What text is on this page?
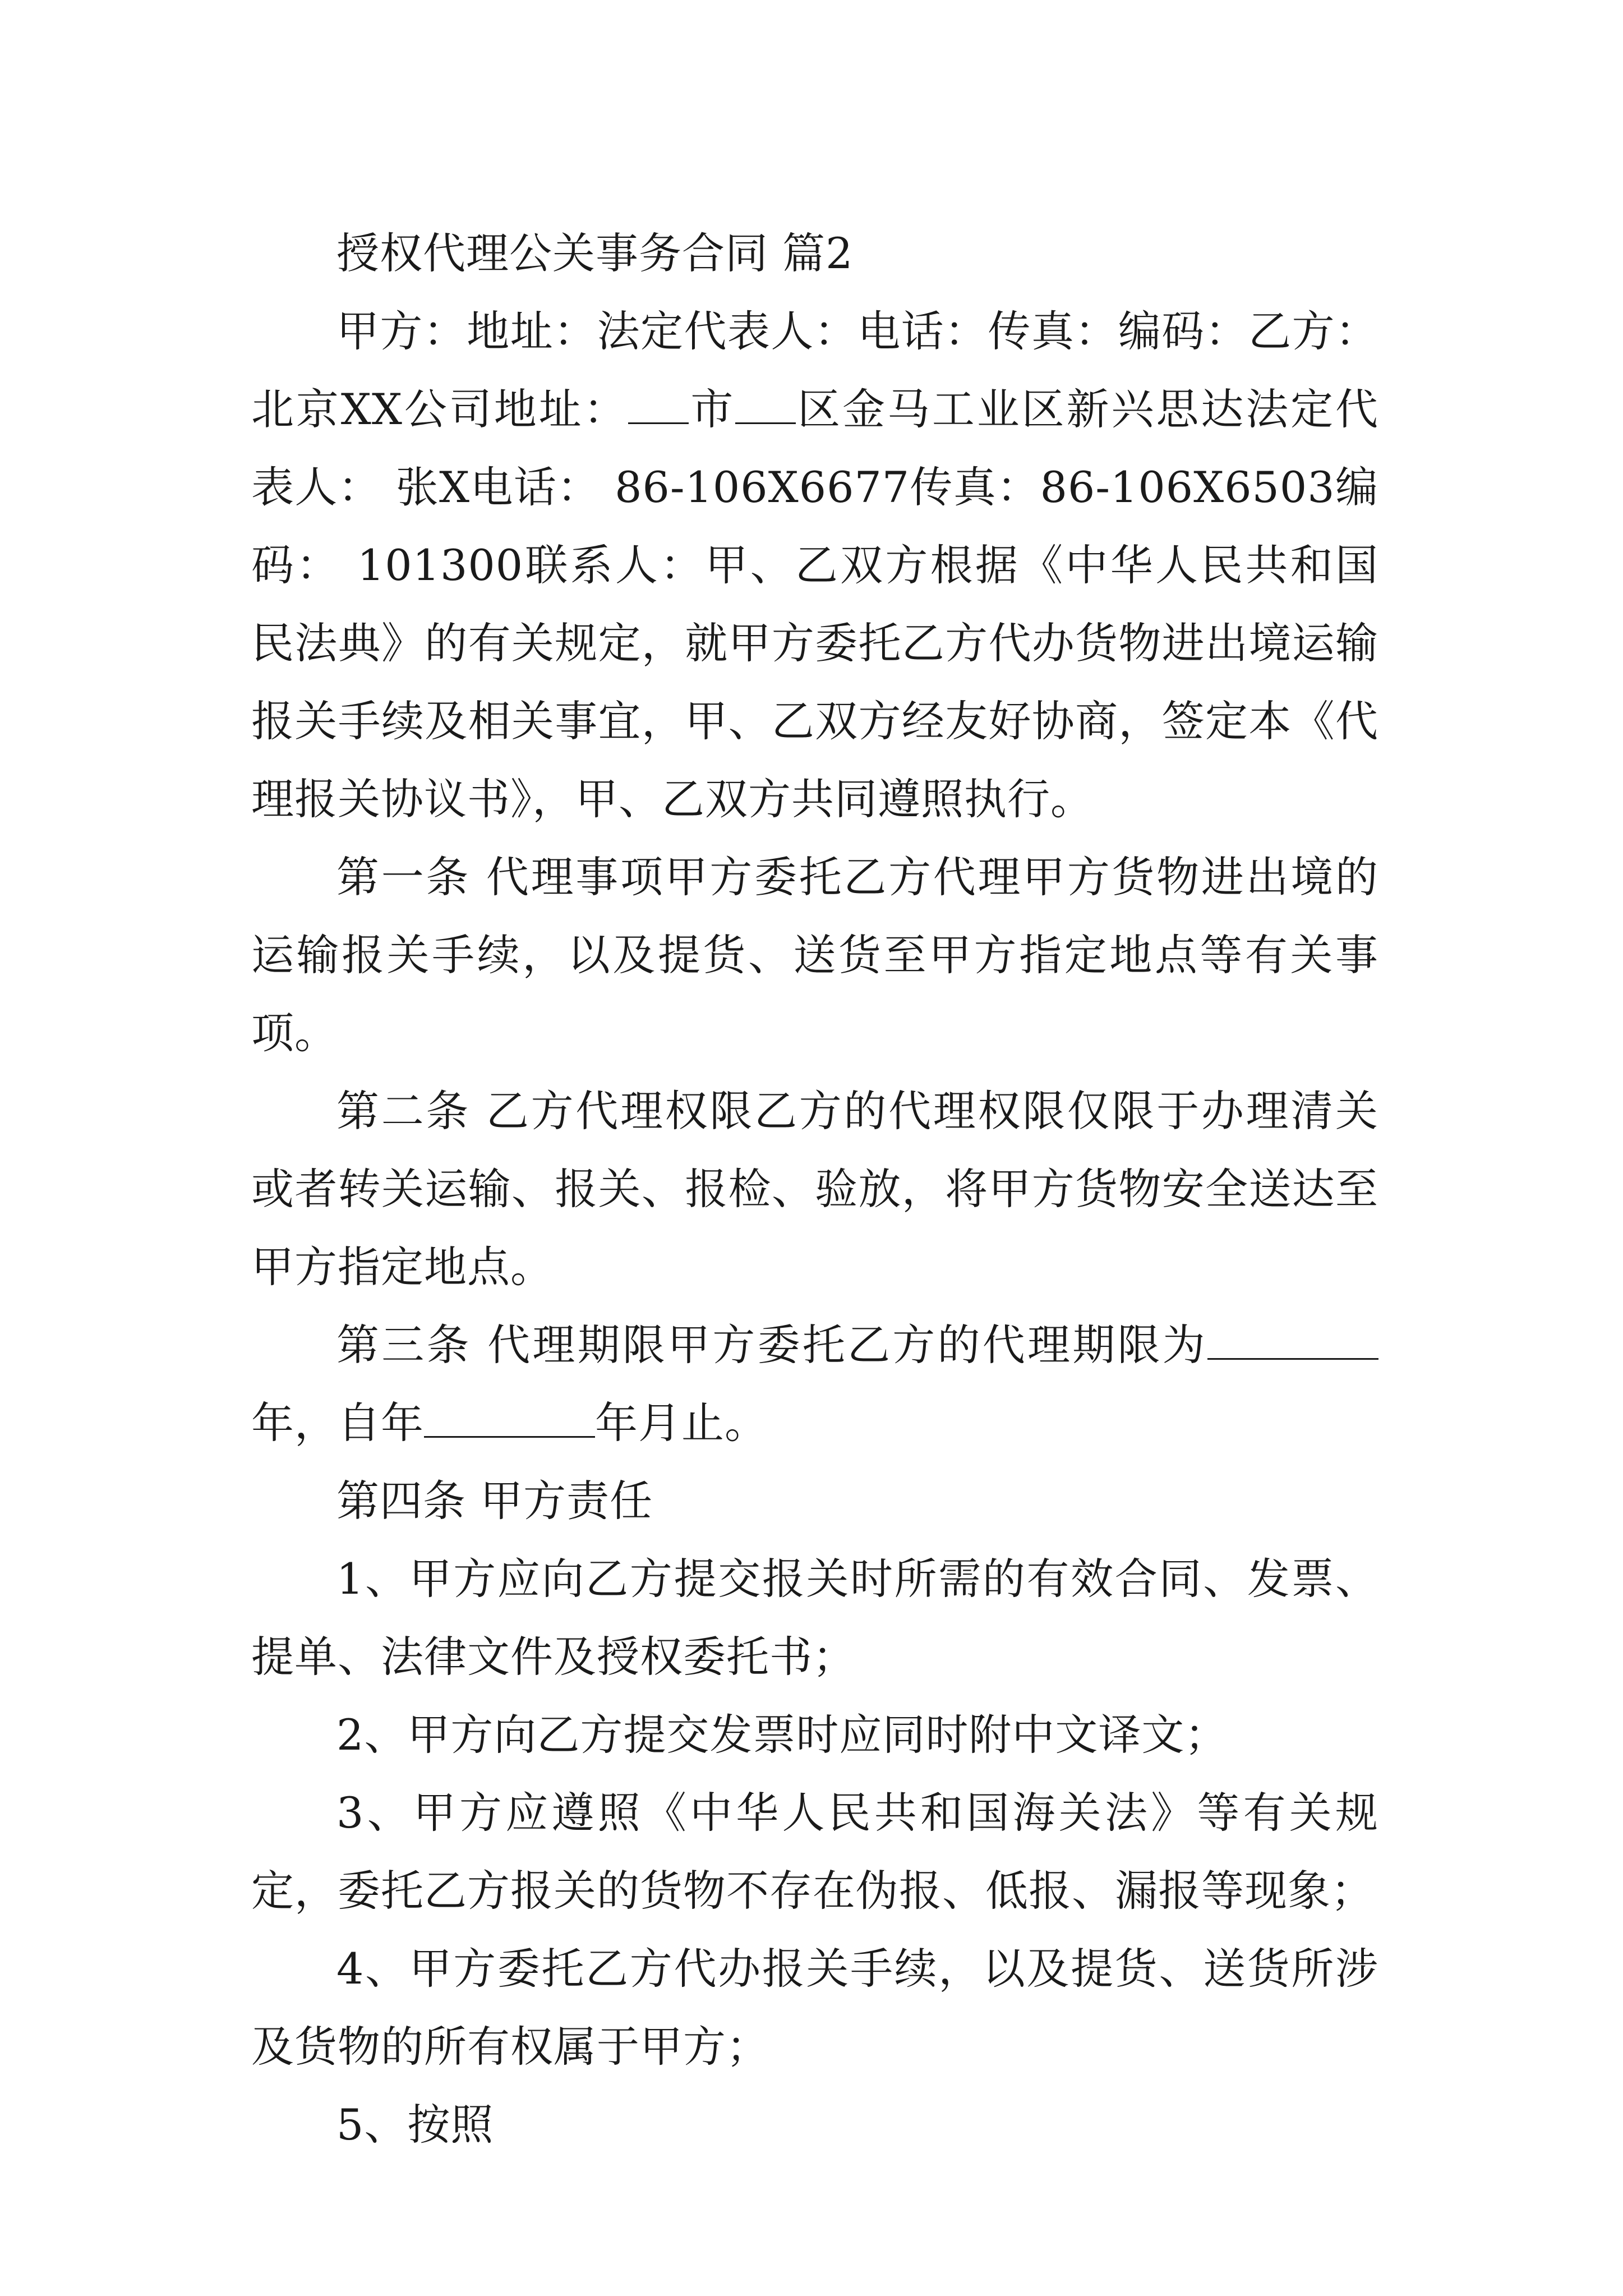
授权代理公关事务合同 篇2

甲方：地址：法定代表人：电话：传真：编码：乙方：北京XX公司地址： 市 区金马工业区新兴思达法定代表人： 张X电话： 86-106X6677传真：86-106X6503编码： 101300联系人：甲、乙双方根据《中华人民共和国民法典》的有关规定，就甲方委托乙方代办货物进出境运输报关手续及相关事宜，甲、乙双方经友好协商，签定本《代理报关协议书》，甲、乙双方共同遵照执行。

第一条 代理事项甲方委托乙方代理甲方货物进出境的运输报关手续，以及提货、送货至甲方指定地点等有关事项。

第二条 乙方代理权限乙方的代理权限仅限于办理清关或者转关运输、报关、报检、验放，将甲方货物安全送达至甲方指定地点。

第三条 代理期限甲方委托乙方的代理期限为年，自年	年月止。

第四条 甲方责任

1、甲方应向乙方提交报关时所需的有效合同、发票、提单、法律文件及授权委托书；

2、甲方向乙方提交发票时应同时附中文译文；

3、甲方应遵照《中华人民共和国海关法》等有关规定，委托乙方报关的货物不存在伪报、低报、漏报等现象；

4、甲方委托乙方代办报关手续，以及提货、送货所涉及货物的所有权属于甲方；

5、按照
